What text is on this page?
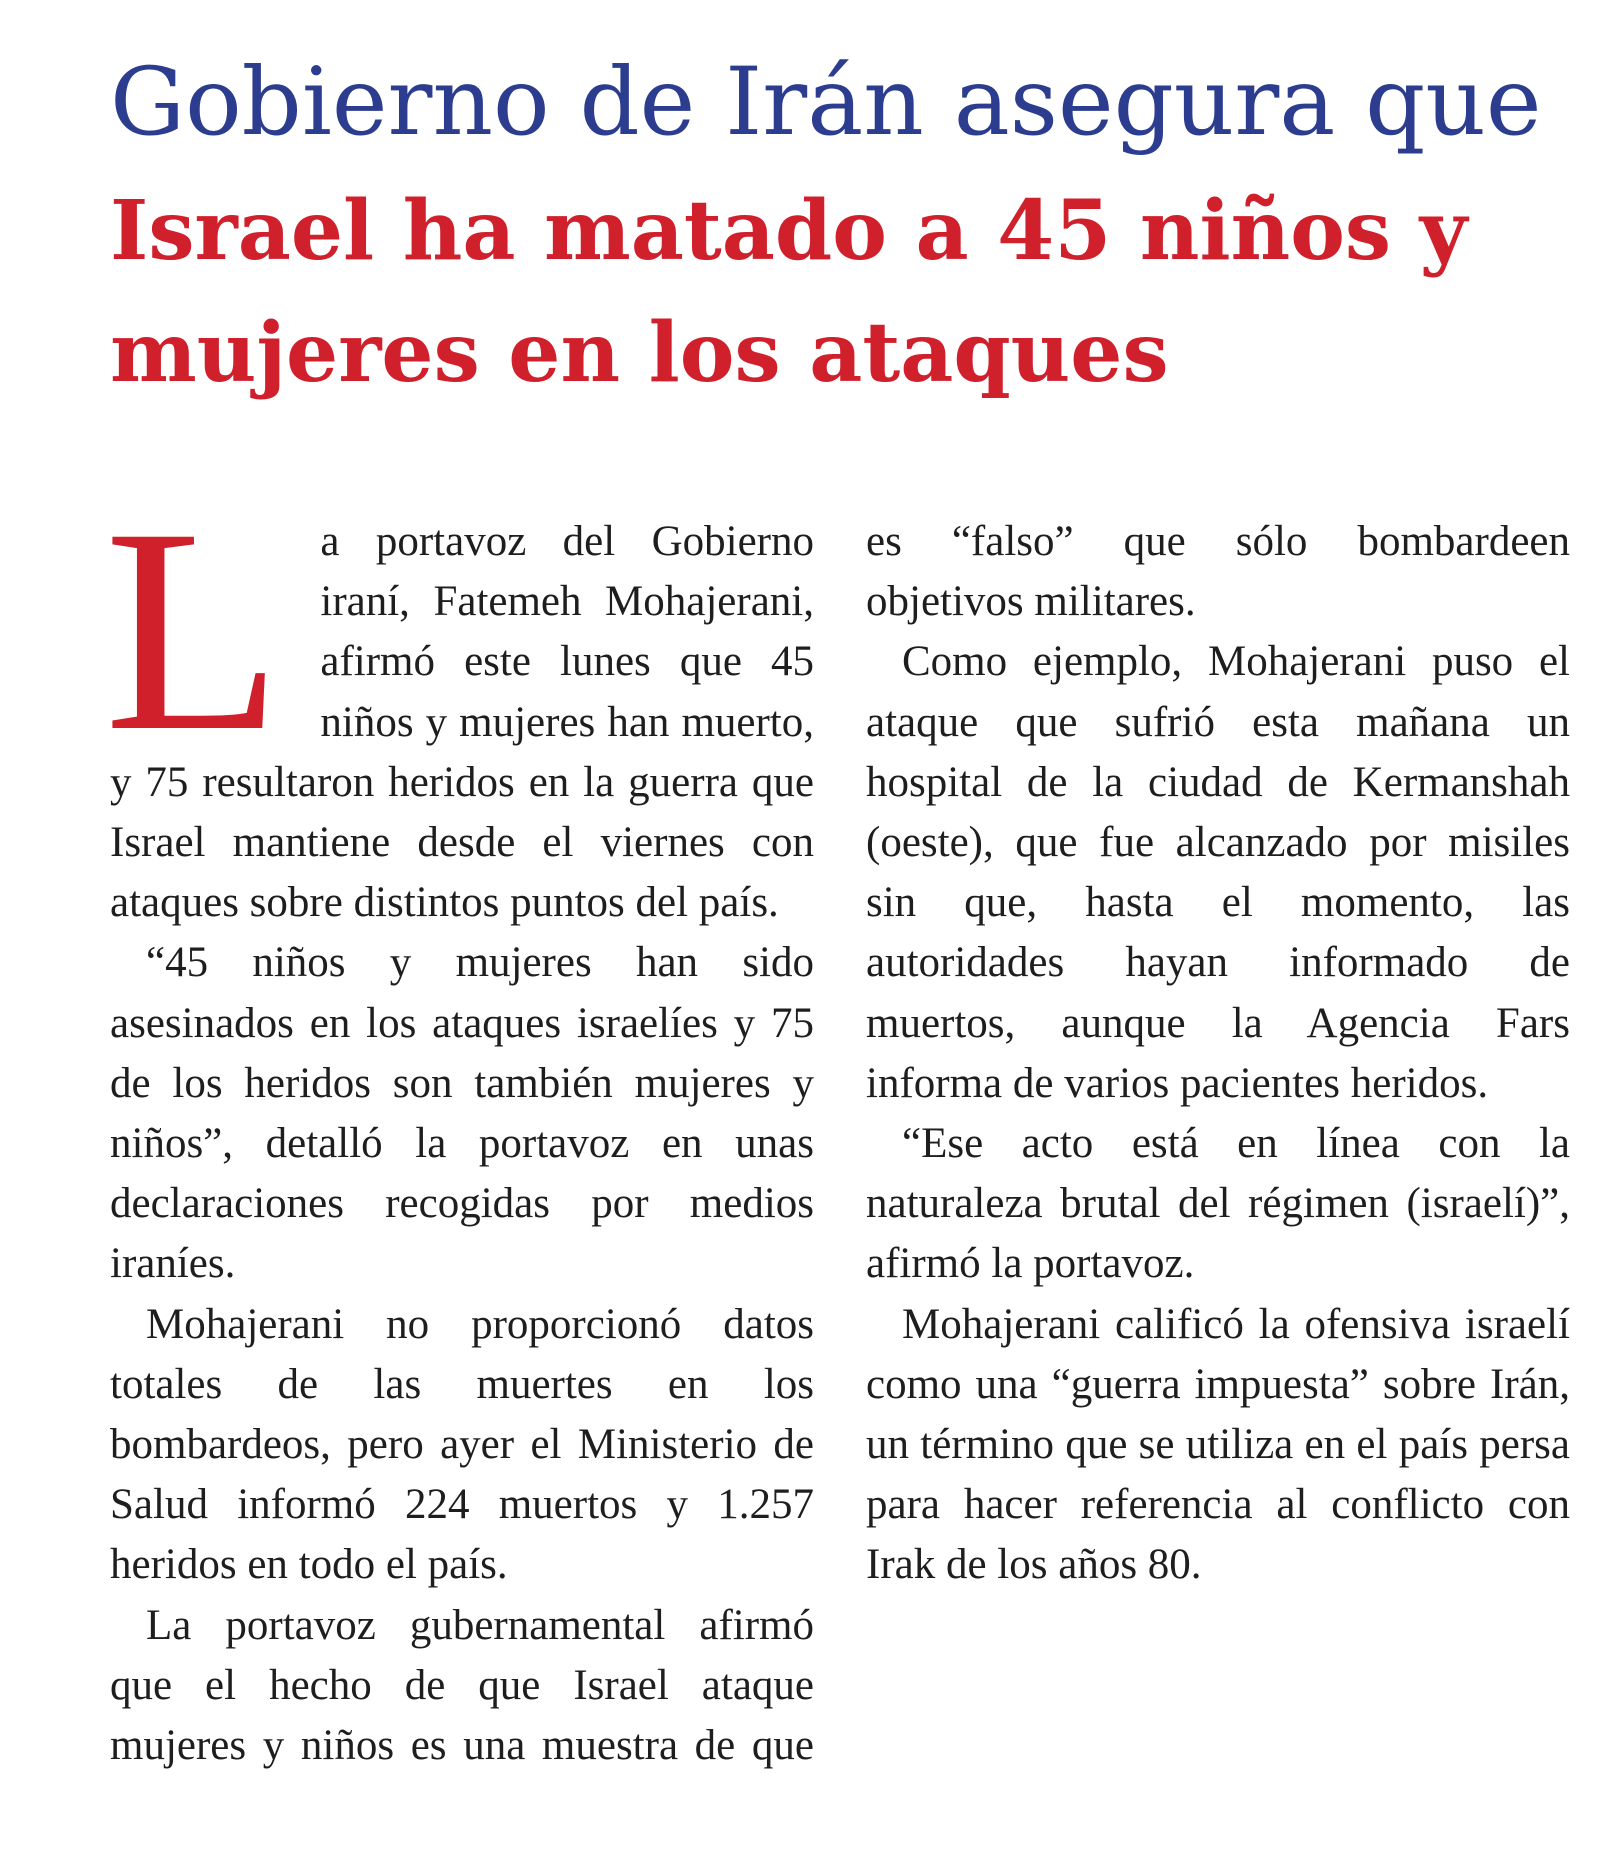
Gobierno de Irán asegura que
Israel ha matado a 45 niños y mujeres en los ataques

La portavoz del Gobierno iraní, Fatemeh Mohajerani, afirmó este lunes que 45 niños y mujeres han muerto, y 75 resultaron heridos en la guerra que Israel mantiene desde el viernes con ataques sobre distintos puntos del país.

“45 niños y mujeres han sido asesinados en los ataques israelíes y 75 de los heridos son también mujeres y niños”, detalló la portavoz en unas declaraciones recogidas por medios iraníes.

Mohajerani no proporcionó datos totales de las muertes en los bombardeos, pero ayer el Ministerio de Salud informó 224 muertos y 1.257 heridos en todo el país.

La portavoz gubernamental afirmó que el hecho de que Israel ataque mujeres y niños es una muestra de que es “falso” que sólo bombardeen objetivos militares.

Como ejemplo, Mohajerani puso el ataque que sufrió esta mañana un hospital de la ciudad de Kermanshah (oeste), que fue alcanzado por misiles sin que, hasta el momento, las autoridades hayan informado de muertos, aunque la Agencia Fars informa de varios pacientes heridos.

“Ese acto está en línea con la naturaleza brutal del régimen (israelí)”, afirmó la portavoz.

Mohajerani calificó la ofensiva israelí como una “guerra impuesta” sobre Irán, un término que se utiliza en el país persa para hacer referencia al conflicto con Irak de los años 80.
